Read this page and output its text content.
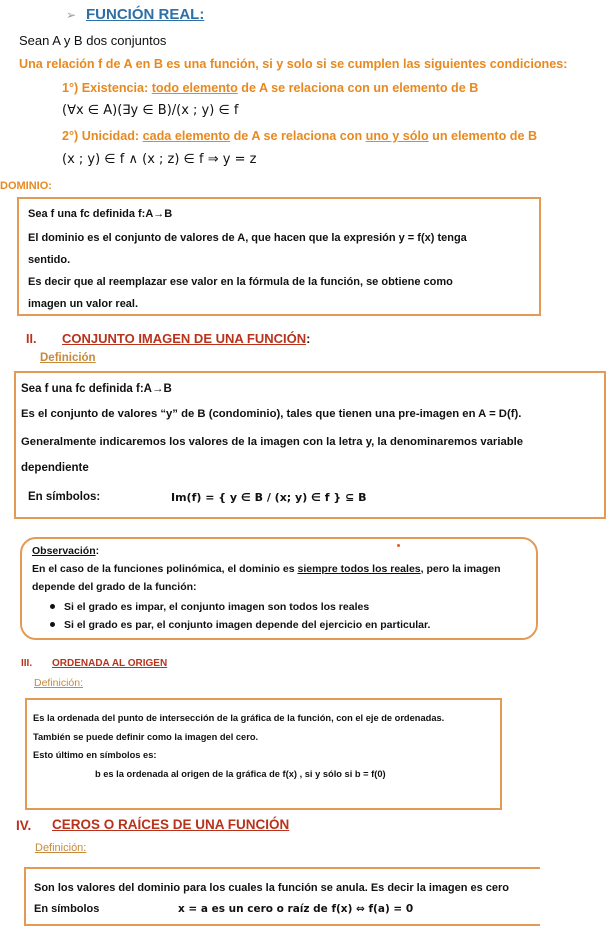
➢ FUNCIÓN REAL:
Sean A y B dos conjuntos
Una relación f de A en B es una función, si y solo si se cumplen las siguientes condiciones:
1°) Existencia: todo elemento de A se relaciona con un elemento de B
(∀x ∈ A)(∃y ∈ B)/(x ; y) ∈ f
2°) Unicidad: cada elemento de A se relaciona con uno y sólo un elemento de B
(x ; y) ∈ f ∧ (x ; z) ∈ f ⇒ y = z
DOMINIO:
Sea f una fc definida f:A→B
El dominio es el conjunto de valores de A, que hacen que la expresión y = f(x) tenga
sentido.
Es decir que al reemplazar ese valor en la fórmula de la función, se obtiene como
imagen un valor real.
II. CONJUNTO IMAGEN DE UNA FUNCIÓN:
Definición
Sea f una fc definida f:A→B
Es el conjunto de valores “y” de B (condominio), tales que tienen una pre-imagen en A = D(f).
Generalmente indicaremos los valores de la imagen con la letra y, la denominaremos variable
dependiente
En símbolos:	Im(f) = { y ∈ B / (x; y) ∈ f } ⊆ B
Observación:
En el caso de la funciones polinómica, el dominio es siempre todos los reales, pero la imagen
depende del grado de la función:
Si el grado es impar, el conjunto imagen son todos los reales
Si el grado es par, el conjunto imagen depende del ejercicio en particular.
III. ORDENADA AL ORIGEN
Definición:
Es la ordenada del punto de intersección de la gráfica de la función, con el eje de ordenadas.
También se puede definir como la imagen del cero.
Esto último en símbolos es:
b es la ordenada al origen de la gráfica de f(x) , si y sólo si b = f(0)
IV. CEROS O RAÍCES DE UNA FUNCIÓN
Definición:
Son los valores del dominio para los cuales la función se anula. Es decir la imagen es cero
En símbolos	x = a es un cero o raíz de f(x) ⇔ f(a) = 0
